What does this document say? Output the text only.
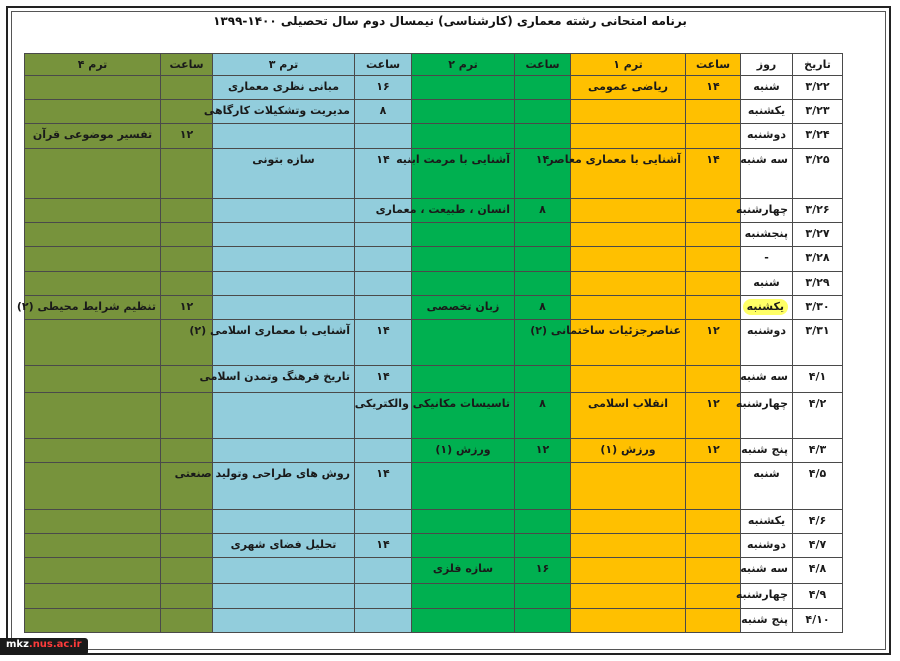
برنامه امتحانی رشته معماری (کارشناسی) نیمسال دوم سال تحصیلی ۱۴۰۰-۱۳۹۹
تاریخ	روز	ساعت	ترم ۱	ساعت	ترم ۲	ساعت	ترم ۳	ساعت	ترم ۴
۳/۲۲	شنبه	۱۴	ریاضی عمومی			۱۶	مبانی نظری معماری		
۳/۲۳	یکشنبه					۸	مدیریت وتشکیلات کارگاهی		
۳/۲۴	دوشنبه							۱۲	تفسیر موضوعی قرآن
۳/۲۵	سه شنبه	۱۴	آشنایی با معماری معاصر	۱۴	آشنایی با مرمت ابنیه	۱۴	سازه بتونی		
۳/۲۶	چهارشنبه			۸	انسان ، طبیعت ، معماری				
۳/۲۷	پنجشنبه								
۳/۲۸	-								
۳/۲۹	شنبه								
۳/۳۰	یکشنبه			۸	زبان تخصصی			۱۲	تنظیم شرایط محیطی (۲)
۳/۳۱	دوشنبه	۱۲	عناصرجزئیات ساختمانی (۲)			۱۴	آشنایی با معماری اسلامی (۲)		
۴/۱	سه شنبه					۱۴	تاریخ فرهنگ وتمدن اسلامی		
۴/۲	چهارشنبه	۱۲	انقلاب اسلامی	۸	تاسیسات مکانیکی والکتریکی				
۴/۳	پنج شنبه	۱۲	ورزش (۱)	۱۲	ورزش (۱)				
۴/۵	شنبه					۱۴	روش های طراحی وتولید صنعتی		
۴/۶	یکشنبه								
۴/۷	دوشنبه					۱۴	تحلیل فضای شهری		
۴/۸	سه شنبه			۱۶	سازه فلزی				
۴/۹	چهارشنبه								
۴/۱۰	پنج شنبه								
mkz.nus.ac.ir
